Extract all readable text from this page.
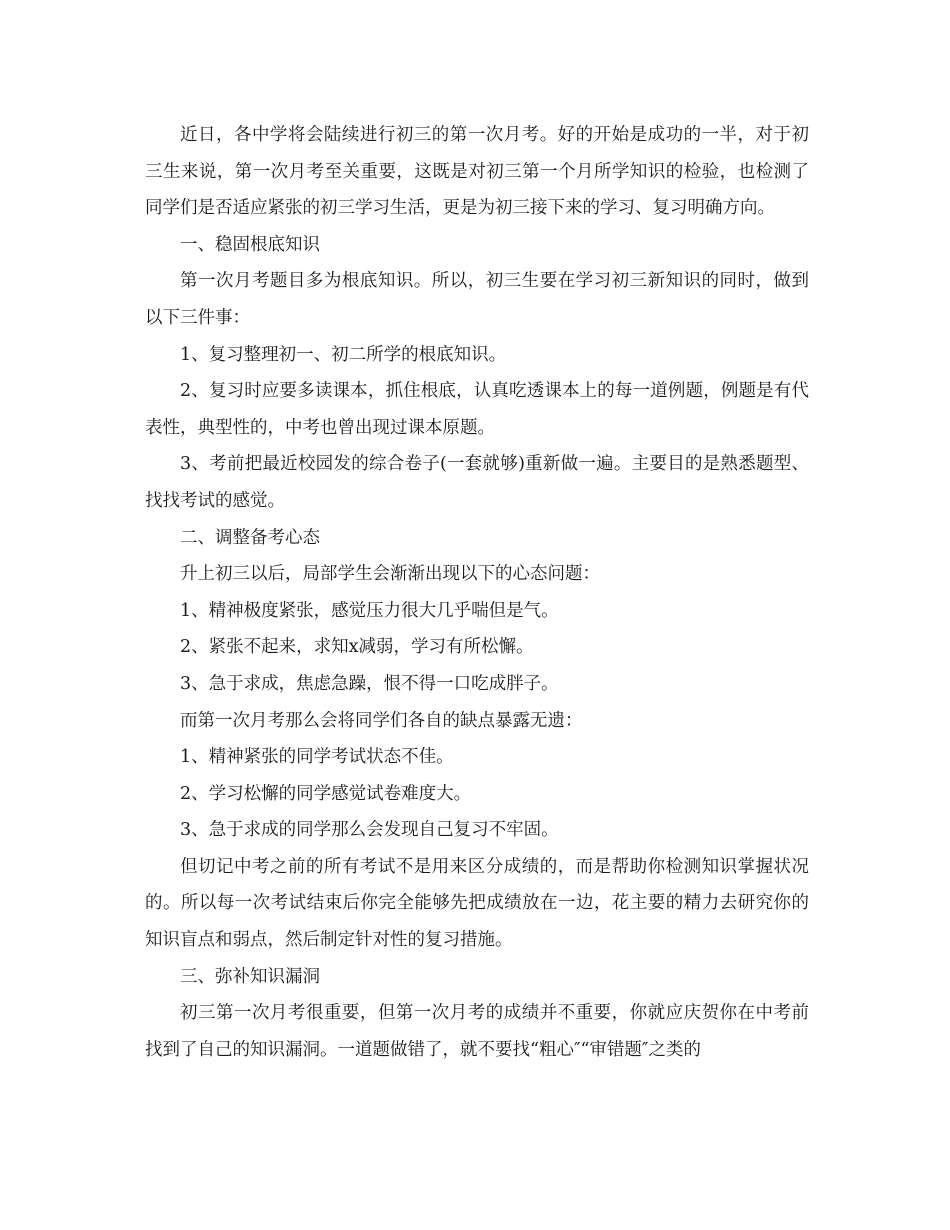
近日，各中学将会陆续进行初三的第一次月考。好的开始是成功的一半，对于初三生来说，第一次月考至关重要，这既是对初三第一个月所学知识的检验，也检测了同学们是否适应紧张的初三学习生活，更是为初三接下来的学习、复习明确方向。

一、稳固根底知识

第一次月考题目多为根底知识。所以，初三生要在学习初三新知识的同时，做到以下三件事：

1、复习整理初一、初二所学的根底知识。

2、复习时应要多读课本，抓住根底，认真吃透课本上的每一道例题，例题是有代表性，典型性的，中考也曾出现过课本原题。

3、考前把最近校园发的综合卷子(一套就够)重新做一遍。主要目的是熟悉题型、找找考试的感觉。

二、调整备考心态

升上初三以后，局部学生会渐渐出现以下的心态问题：

1、精神极度紧张，感觉压力很大几乎喘但是气。

2、紧张不起来，求知x减弱，学习有所松懈。

3、急于求成，焦虑急躁，恨不得一口吃成胖子。

而第一次月考那么会将同学们各自的缺点暴露无遗：

1、精神紧张的同学考试状态不佳。

2、学习松懈的同学感觉试卷难度大。

3、急于求成的同学那么会发现自己复习不牢固。

但切记中考之前的所有考试不是用来区分成绩的，而是帮助你检测知识掌握状况的。所以每一次考试结束后你完全能够先把成绩放在一边，花主要的精力去研究你的知识盲点和弱点，然后制定针对性的复习措施。

三、弥补知识漏洞

初三第一次月考很重要，但第一次月考的成绩并不重要，你就应庆贺你在中考前找到了自己的知识漏洞。一道题做错了，就不要找“粗心″“审错题″之类的
